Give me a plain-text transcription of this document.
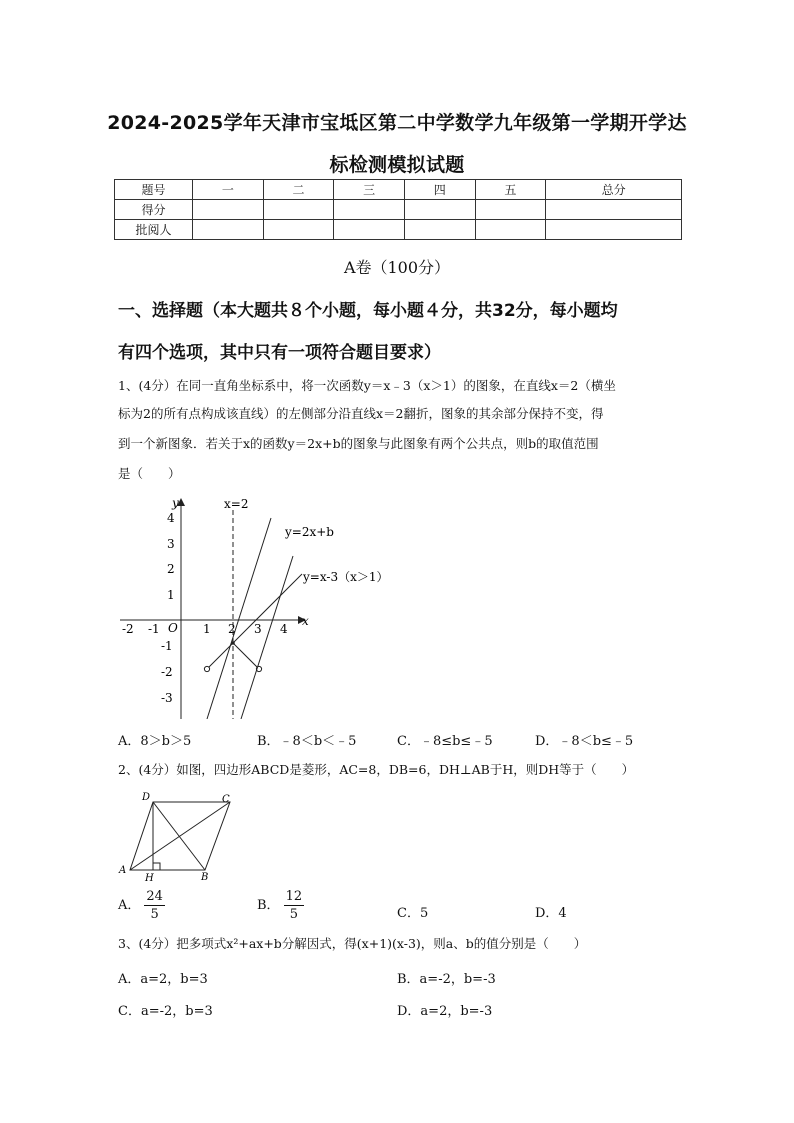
2024-2025学年天津市宝坻区第二中学数学九年级第一学期开学达
标检测模拟试题
题号	一	二	三	四	五	总分
得分						
批阅人						
A卷（100分）
一、选择题（本大题共８个小题，每小题４分，共32分，每小题均
有四个选项，其中只有一项符合题目要求）
1、(4分）在同一直角坐标系中，将一次函数y＝x﹣3（x＞1）的图象，在直线x＝2（横坐
标为2的所有点构成该直线）的左侧部分沿直线x＝2翻折，图象的其余部分保持不变，得
到一个新图象．若关于x的函数y＝2x+b的图象与此图象有两个公共点，则b的取值范围
是（　　）
x
y
O
-2 -1	1 2 3 4
4
3
2
1
-1
-2
-3
x=2
y=x-3（x＞1）
y=2x+b
A．8＞b＞5	B．﹣8＜b＜﹣5	C．﹣8≤b≤﹣5	D．﹣8＜b≤﹣5
2、(4分）如图，四边形ABCD是菱形，AC=8，DB=6，DH⊥AB于H，则DH等于（　　）
A
B
C
D
H
A． $\frac{24}{5}$	B． $\frac{12}{5}$	C．5	D．4
3、(4分）把多项式x²+ax+b分解因式，得(x+1)(x-3)，则a、b的值分别是（　　）
A．a=2，b=3	B．a=-2，b=-3
C．a=-2，b=3	D．a=2，b=-3
